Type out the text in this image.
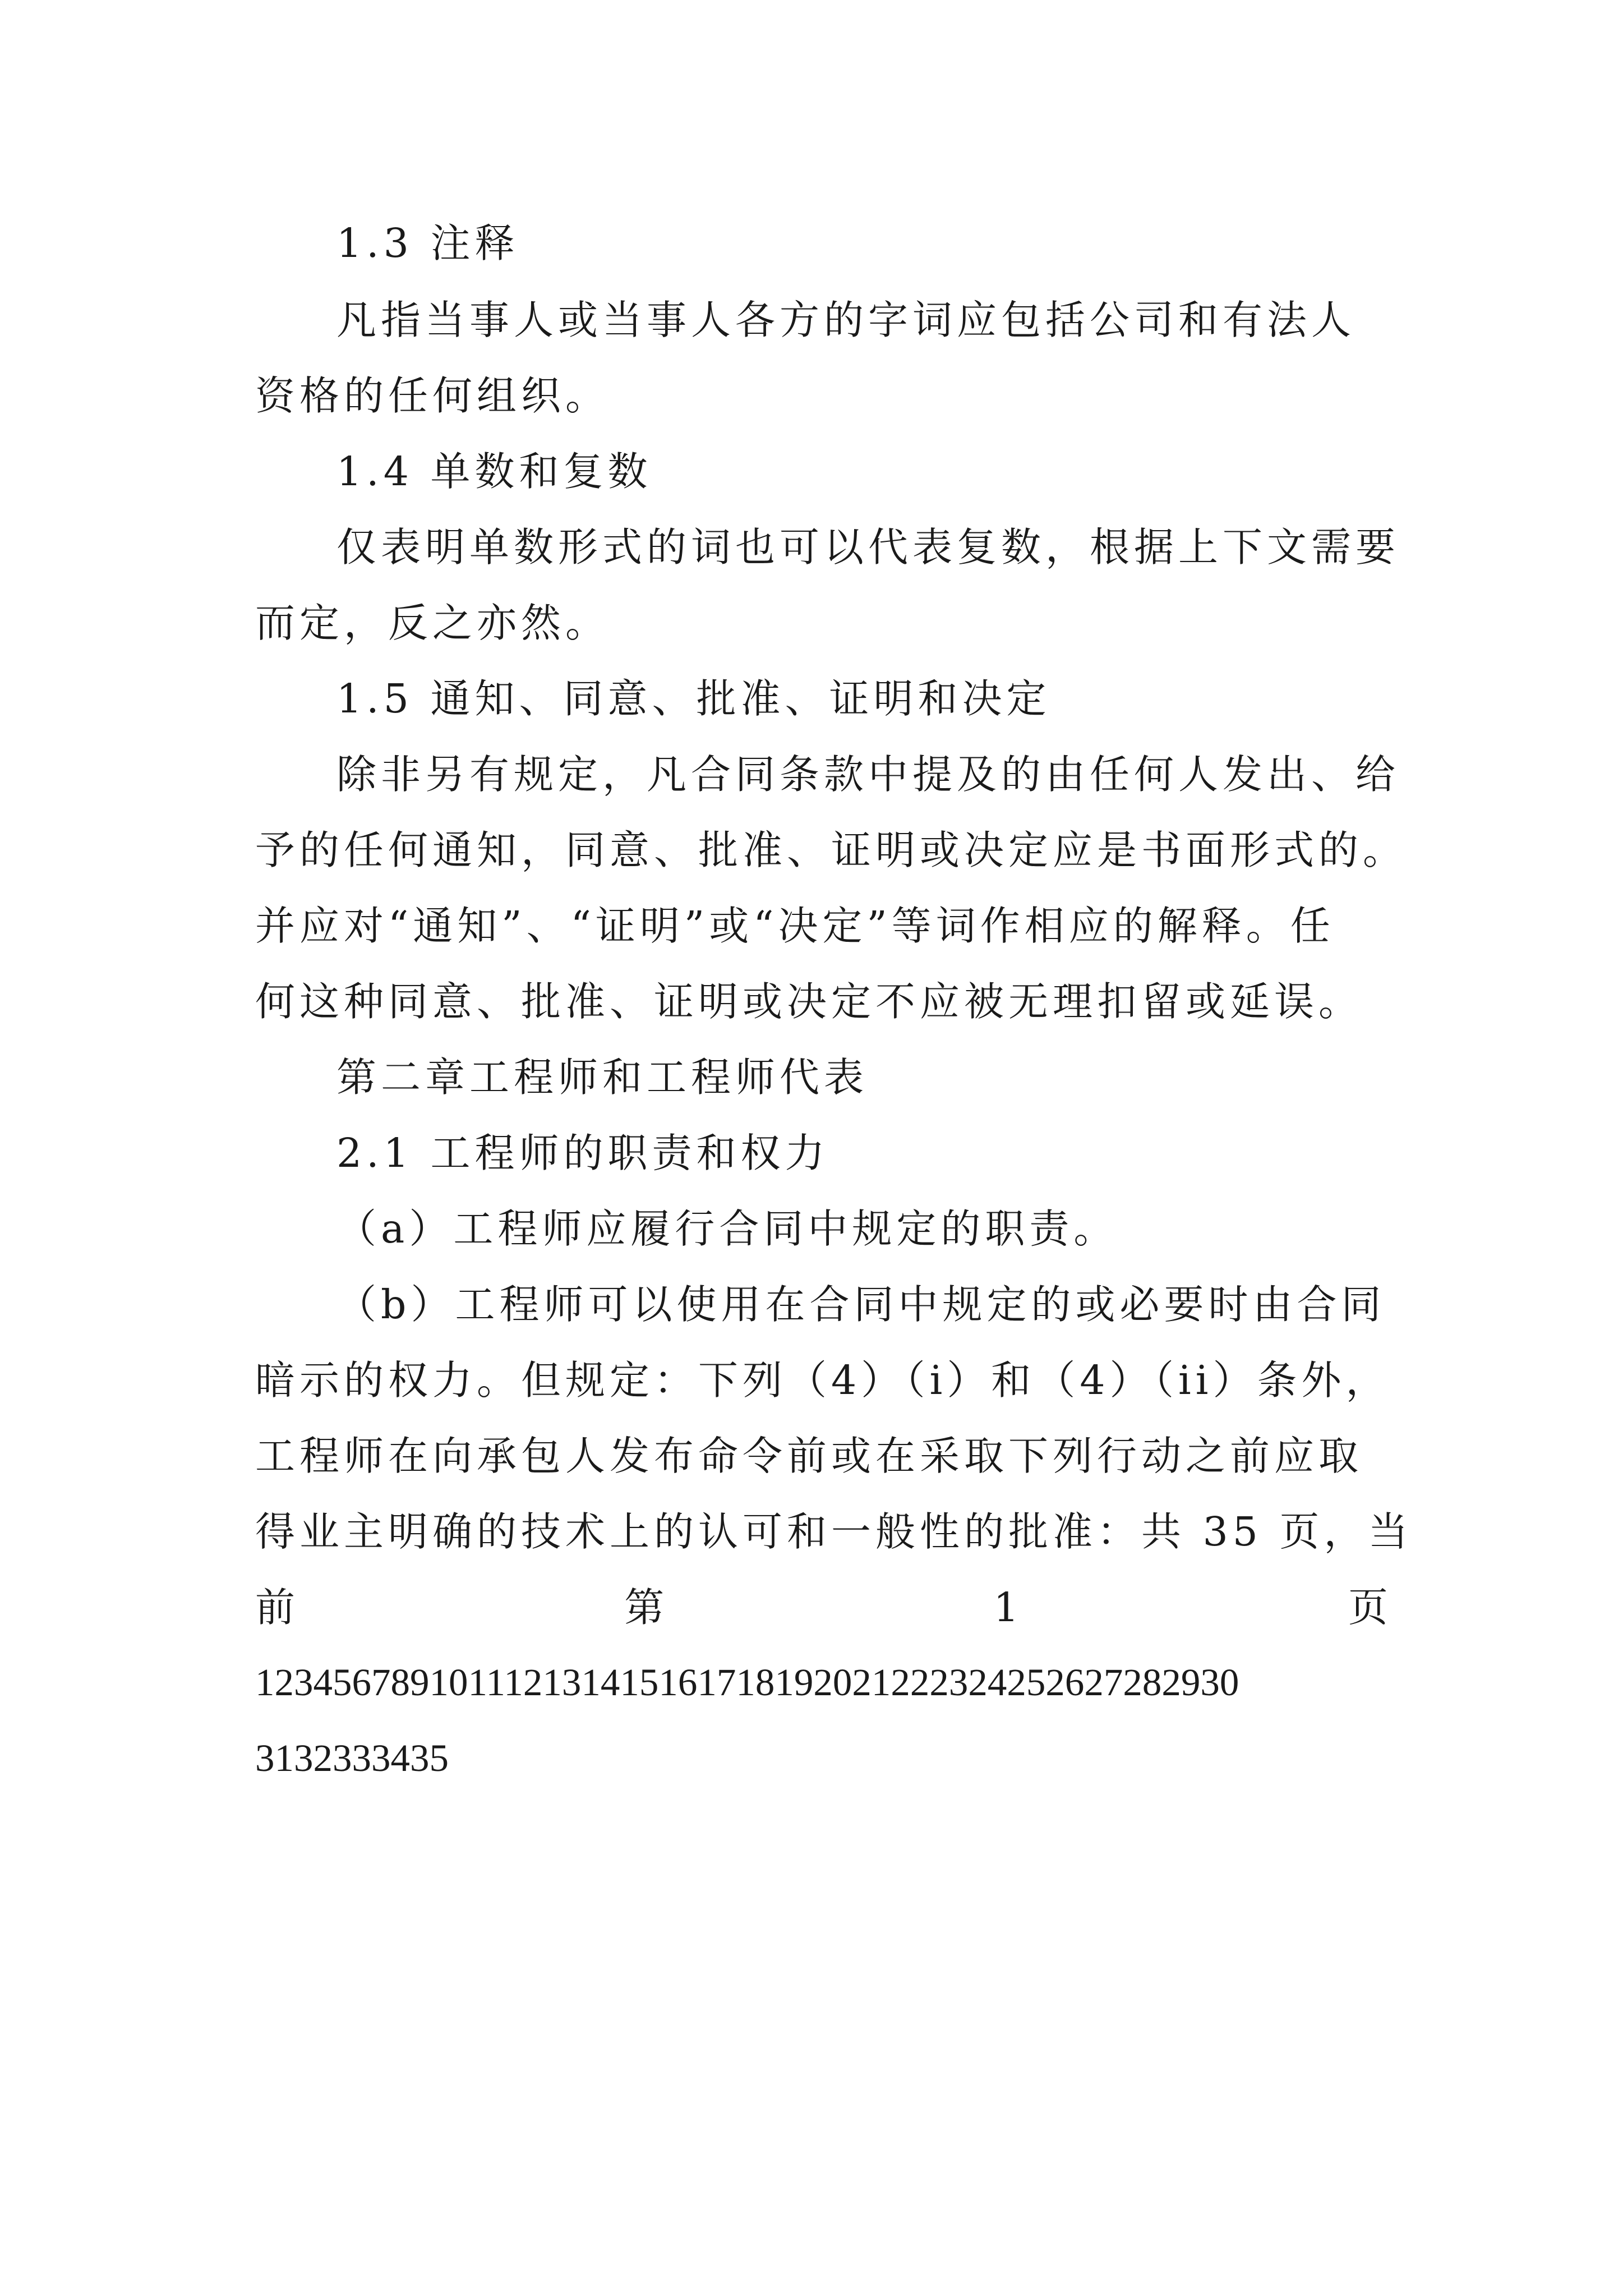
1.3 注释

凡指当事人或当事人各方的字词应包括公司和有法人

资格的任何组织。

1.4 单数和复数

仅表明单数形式的词也可以代表复数，根据上下文需要

而定，反之亦然。

1.5 通知、同意、批准、证明和决定

除非另有规定，凡合同条款中提及的由任何人发出、给

予的任何通知，同意、批准、证明或决定应是书面形式的。

并应对“通知”、“证明”或“决定”等词作相应的解释。任

何这种同意、批准、证明或决定不应被无理扣留或延误。

第二章工程师和工程师代表

2.1 工程师的职责和权力

（a）工程师应履行合同中规定的职责。

（b）工程师可以使用在合同中规定的或必要时由合同

暗示的权力。但规定：下列（4）（i）和（4）（ii）条外，

工程师在向承包人发布命令前或在采取下列行动之前应取

得业主明确的技术上的认可和一般性的批准：共 35 页，当

前	第	1	页

123456789101112131415161718192021222324252627282930

3132333435
